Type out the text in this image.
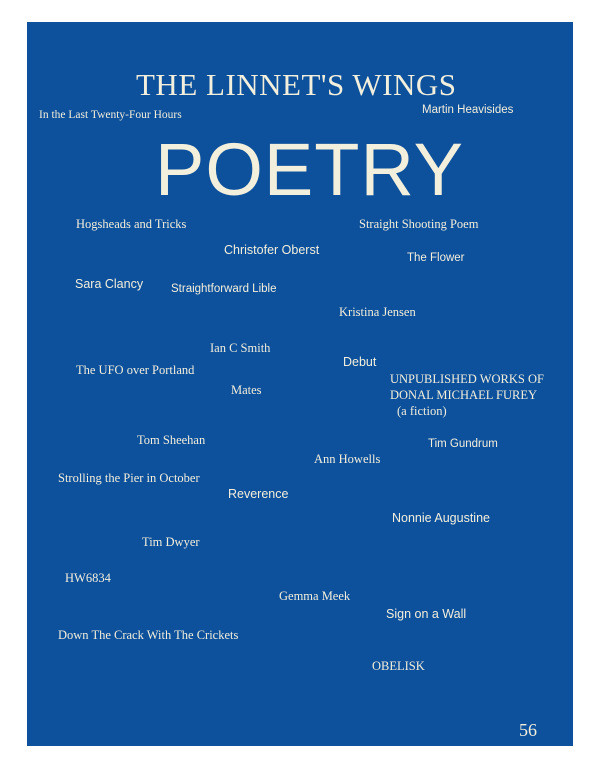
THE LINNET'S WINGS
In the Last Twenty-Four Hours	Martin Heavisides
POETRY
Hogsheads and Tricks	Straight Shooting Poem
Christofer Oberst
The Flower
Sara Clancy Straightforward Lible
Kristina Jensen
Ian C Smith
Debut
The UFO over Portland
UNPUBLISHED WORKS OF
Mates	DONAL MICHAEL FUREY
(a fiction)
Tom Sheehan	Tim Gundrum
Ann Howells
Strolling the Pier in October
Reverence
Nonnie Augustine
Tim Dwyer
HW6834
Gemma Meek
Sign on a Wall
Down The Crack With The Crickets
OBELISK
56
